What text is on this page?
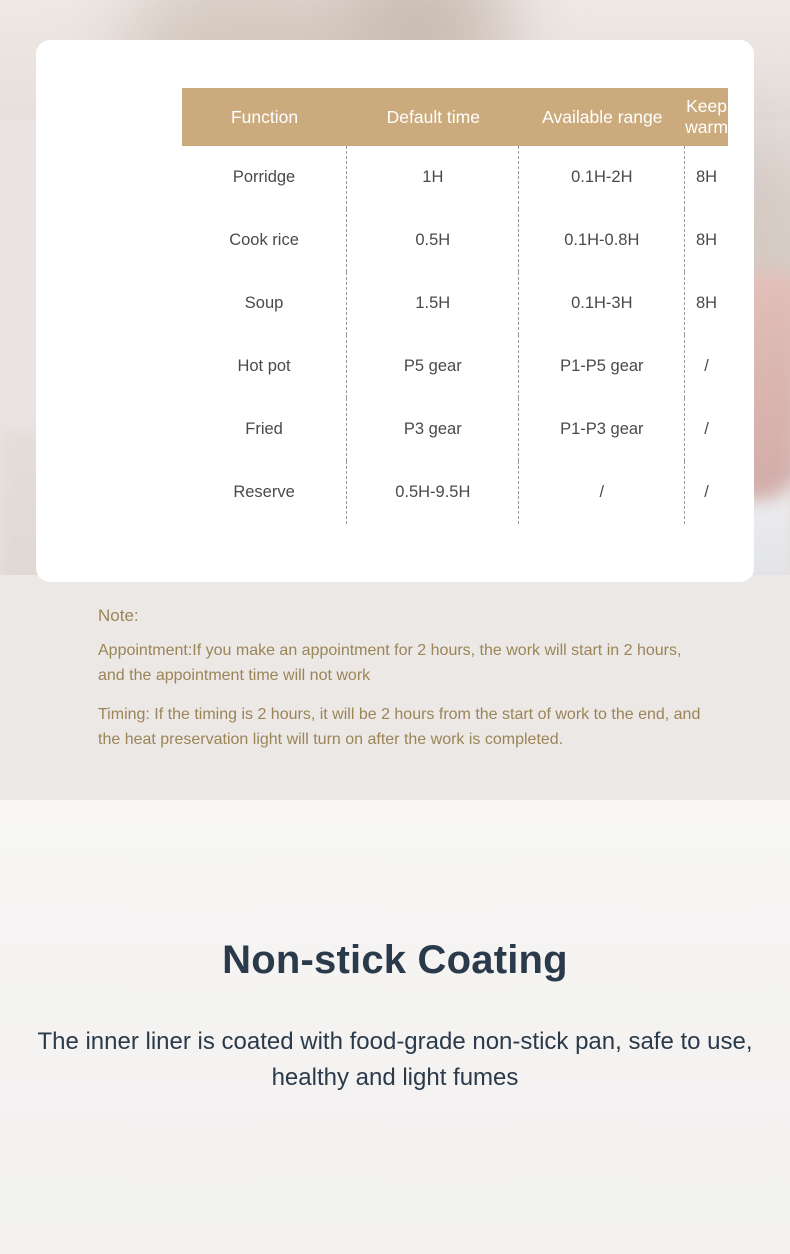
	Function	Default time	Available range	Keep warm	
	Porridge	1H	0.1H-2H	8H	
	Cook rice	0.5H	0.1H-0.8H	8H	
	Soup	1.5H	0.1H-3H	8H	
	Hot pot	P5 gear	P1-P5 gear	/	
	Fried	P3 gear	P1-P3 gear	/	
	Reserve	0.5H-9.5H	/	/	
Note:
Appointment:If you make an appointment for 2 hours, the work will start in 2 hours, and the appointment time will not work
Timing: If the timing is 2 hours, it will be 2 hours from the start of work to the end, and the heat preservation light will turn on after the work is completed.
Non-stick Coating
The inner liner is coated with food-grade non-stick pan, safe to use, healthy and light fumes
